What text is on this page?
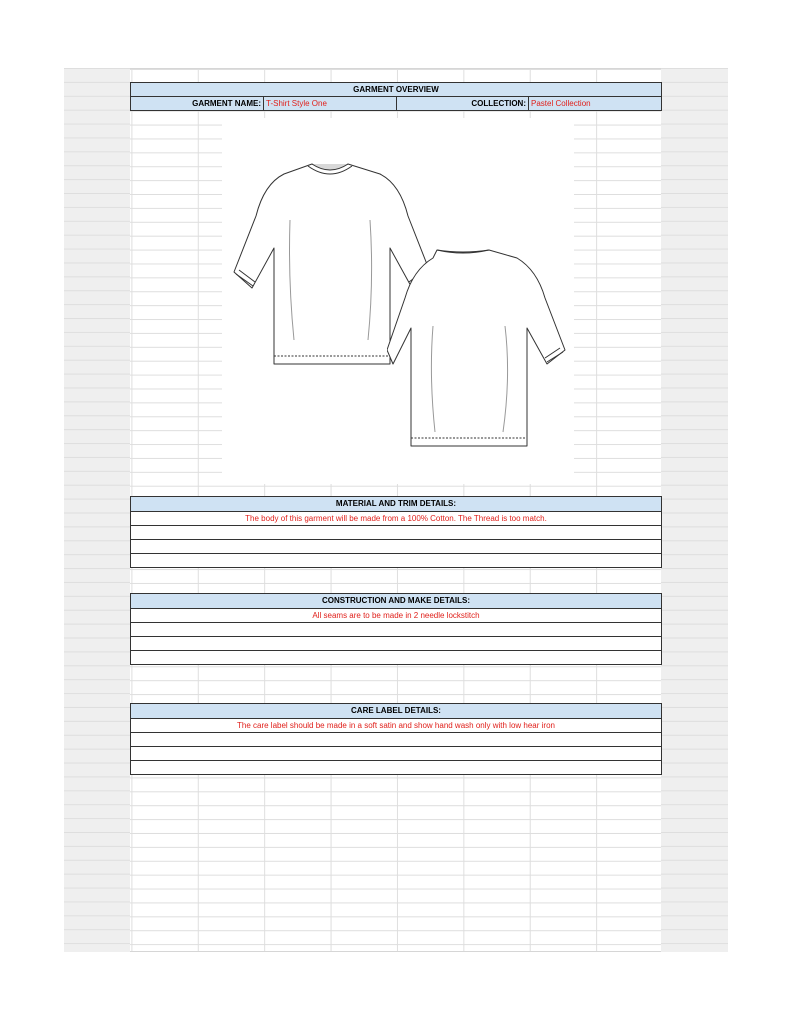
GARMENT OVERVIEW
GARMENT NAME: T-Shirt Style One	COLLECTION: Pastel Collection
MATERIAL AND TRIM DETAILS:
The body of this garment will be made from a 100% Cotton. The Thread is too match.
CONSTRUCTION AND MAKE DETAILS:
All seams are to be made in 2 needle lockstitch
CARE LABEL DETAILS:
The care label should be made in a soft satin and show hand wash only with low hear iron
